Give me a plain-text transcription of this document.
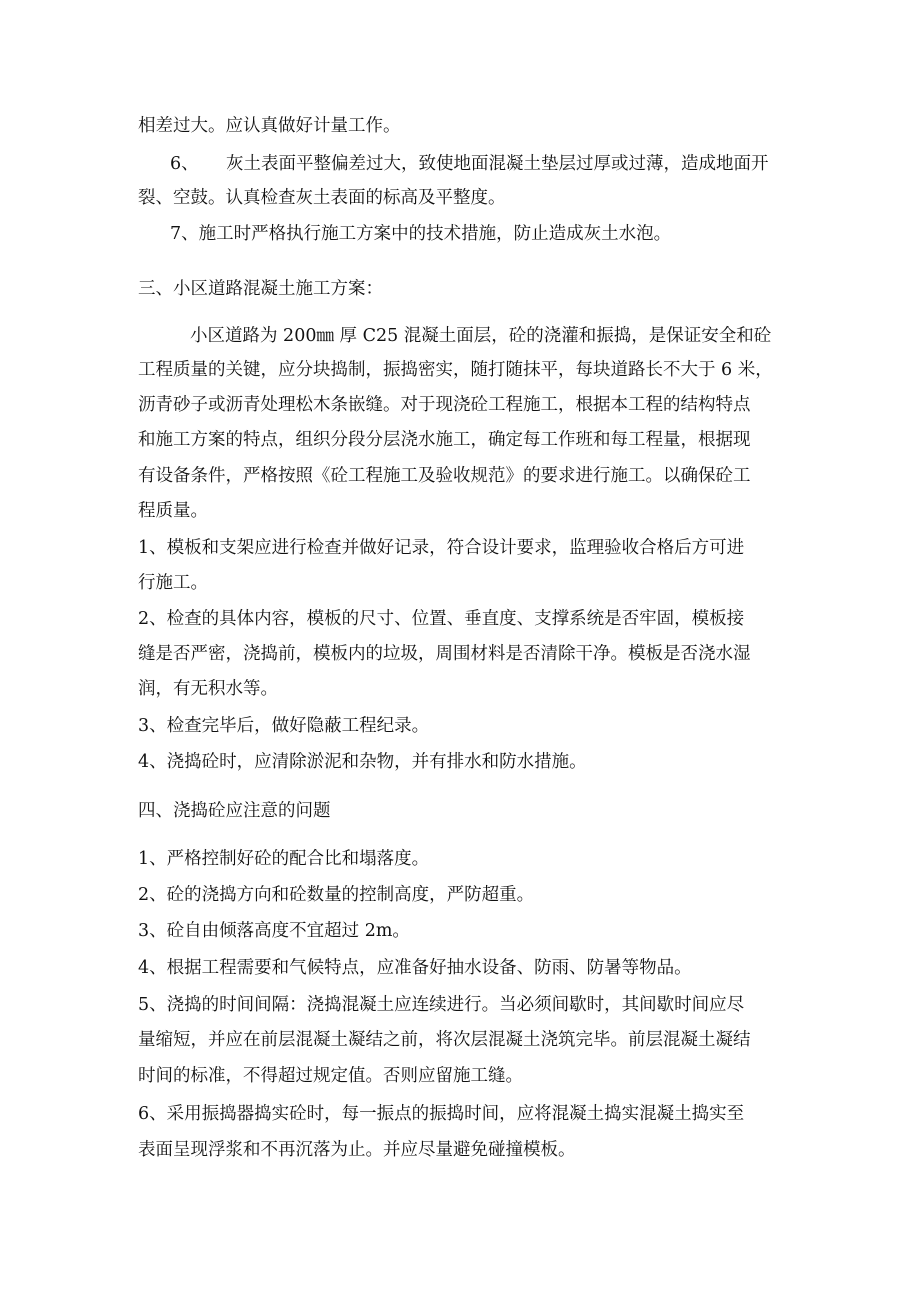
相差过大。应认真做好计量工作。
6、 灰土表面平整偏差过大，致使地面混凝土垫层过厚或过薄，造成地面开
裂、空鼓。认真检查灰土表面的标高及平整度。
7、施工时严格执行施工方案中的技术措施，防止造成灰土水泡。
三、小区道路混凝土施工方案：
小区道路为 200㎜ 厚 C25 混凝土面层，砼的浇灌和振捣，是保证安全和砼
工程质量的关键，应分块捣制，振捣密实，随打随抹平，每块道路长不大于 6 米，
沥青砂子或沥青处理松木条嵌缝。对于现浇砼工程施工，根据本工程的结构特点
和施工方案的特点，组织分段分层浇水施工，确定每工作班和每工程量，根据现
有设备条件，严格按照《砼工程施工及验收规范》的要求进行施工。以确保砼工
程质量。
1、模板和支架应进行检查并做好记录，符合设计要求，监理验收合格后方可进
行施工。
2、检查的具体内容，模板的尺寸、位置、垂直度、支撑系统是否牢固，模板接
缝是否严密，浇捣前，模板内的垃圾，周围材料是否清除干净。模板是否浇水湿
润，有无积水等。
3、检查完毕后，做好隐蔽工程纪录。
4、浇捣砼时，应清除淤泥和杂物，并有排水和防水措施。
四、浇捣砼应注意的问题
1、严格控制好砼的配合比和塌落度。
2、砼的浇捣方向和砼数量的控制高度，严防超重。
3、砼自由倾落高度不宜超过 2m。
4、根据工程需要和气候特点，应准备好抽水设备、防雨、防暑等物品。
5、浇捣的时间间隔：浇捣混凝土应连续进行。当必须间歇时，其间歇时间应尽
量缩短，并应在前层混凝土凝结之前，将次层混凝土浇筑完毕。前层混凝土凝结
时间的标准，不得超过规定值。否则应留施工缝。
6、采用振捣器捣实砼时，每一振点的振捣时间，应将混凝土捣实混凝土捣实至
表面呈现浮浆和不再沉落为止。并应尽量避免碰撞模板。
